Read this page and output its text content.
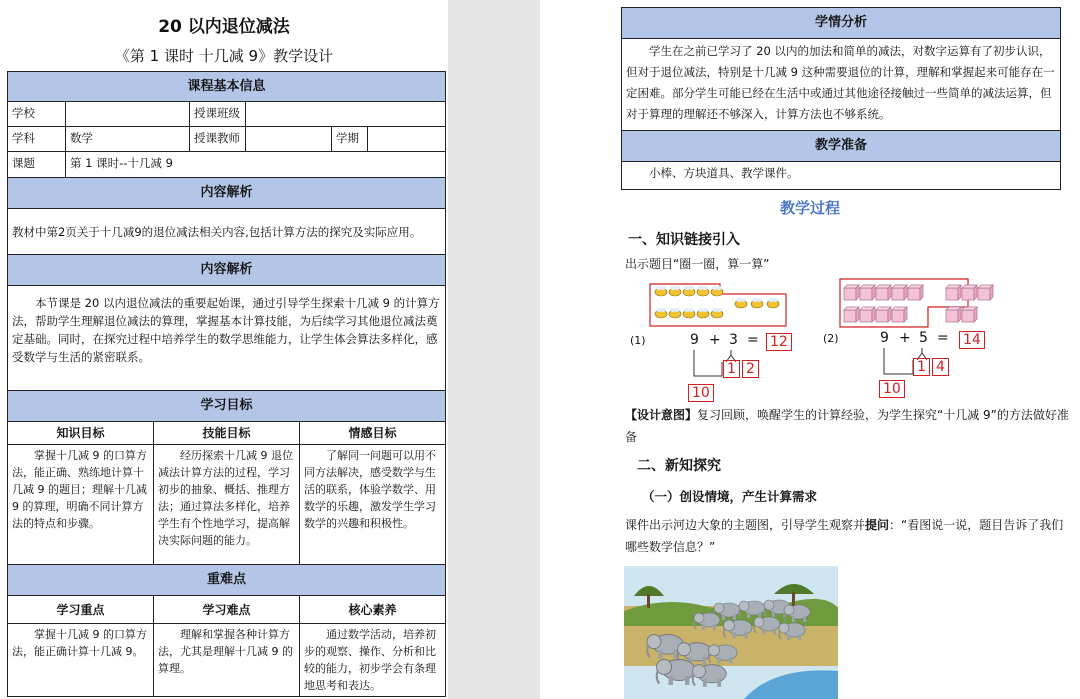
20 以内退位减法
《第 1 课时 十几减 9》教学设计
课程基本信息					
学校		授课班级			
学科	数学	授课教师		学期	
课题	第 1 课时--十几减 9				
内容解析					
教材中第2页关于十几减9的退位减法相关内容,包括计算方法的探究及实际应用。					
内容解析					
本节课是 20 以内退位减法的重要起始课，通过引导学生探索十几减 9 的计算方法，帮助学生理解退位减法的算理，掌握基本计算技能，为后续学习其他退位减法奠定基础。同时，在探究过程中培养学生的数学思维能力，让学生体会算法多样化，感受数学与生活的紧密联系。					
学习目标					
知识目标	技能目标	情感目标
掌握十几减 9 的口算方法，能正确、熟练地计算十几减 9 的题目；理解十几减 9 的算理，明确不同计算方法的特点和步骤。	经历探索十几减 9 退位减法计算方法的过程，学习初步的抽象、概括、推理方法；通过算法多样化，培养学生有个性地学习，提高解决实际问题的能力。	了解同一问题可以用不同方法解决，感受数学与生活的联系，体验学数学、用数学的乐趣，激发学生学习数学的兴趣和积极性。
重难点		
学习重点	学习难点	核心素养
掌握十几减 9 的口算方法，能正确计算十几减 9。	理解和掌握各种计算方法，尤其是理解十几减 9 的算理。	通过数学活动，培养初步的观察、操作、分析和比较的能力，初步学会有条理地思考和表达。
学情分析
学生在之前已学习了 20 以内的加法和简单的减法，对数字运算有了初步认识，但对于退位减法，特别是十几减 9 这种需要退位的计算，理解和掌握起来可能存在一定困难。部分学生可能已经在生活中或通过其他途径接触过一些简单的减法运算，但对于算理的理解还不够深入，计算方法也不够系统。
教学准备
小棒、方块道具、教学课件。
教学过程
一、知识链接引入
出示题目“圈一圈，算一算”
(1)	9 + 3 = 12
1 2
10
(2)	9 + 5 = 14
1 4
10
【设计意图】复习回顾，唤醒学生的计算经验，为学生探究“十几减 9”的方法做好准备
二、新知探究
（一）创设情境，产生计算需求
课件出示河边大象的主题图，引导学生观察并提问：“看图说一说，题目告诉了我们哪些数学信息？”
